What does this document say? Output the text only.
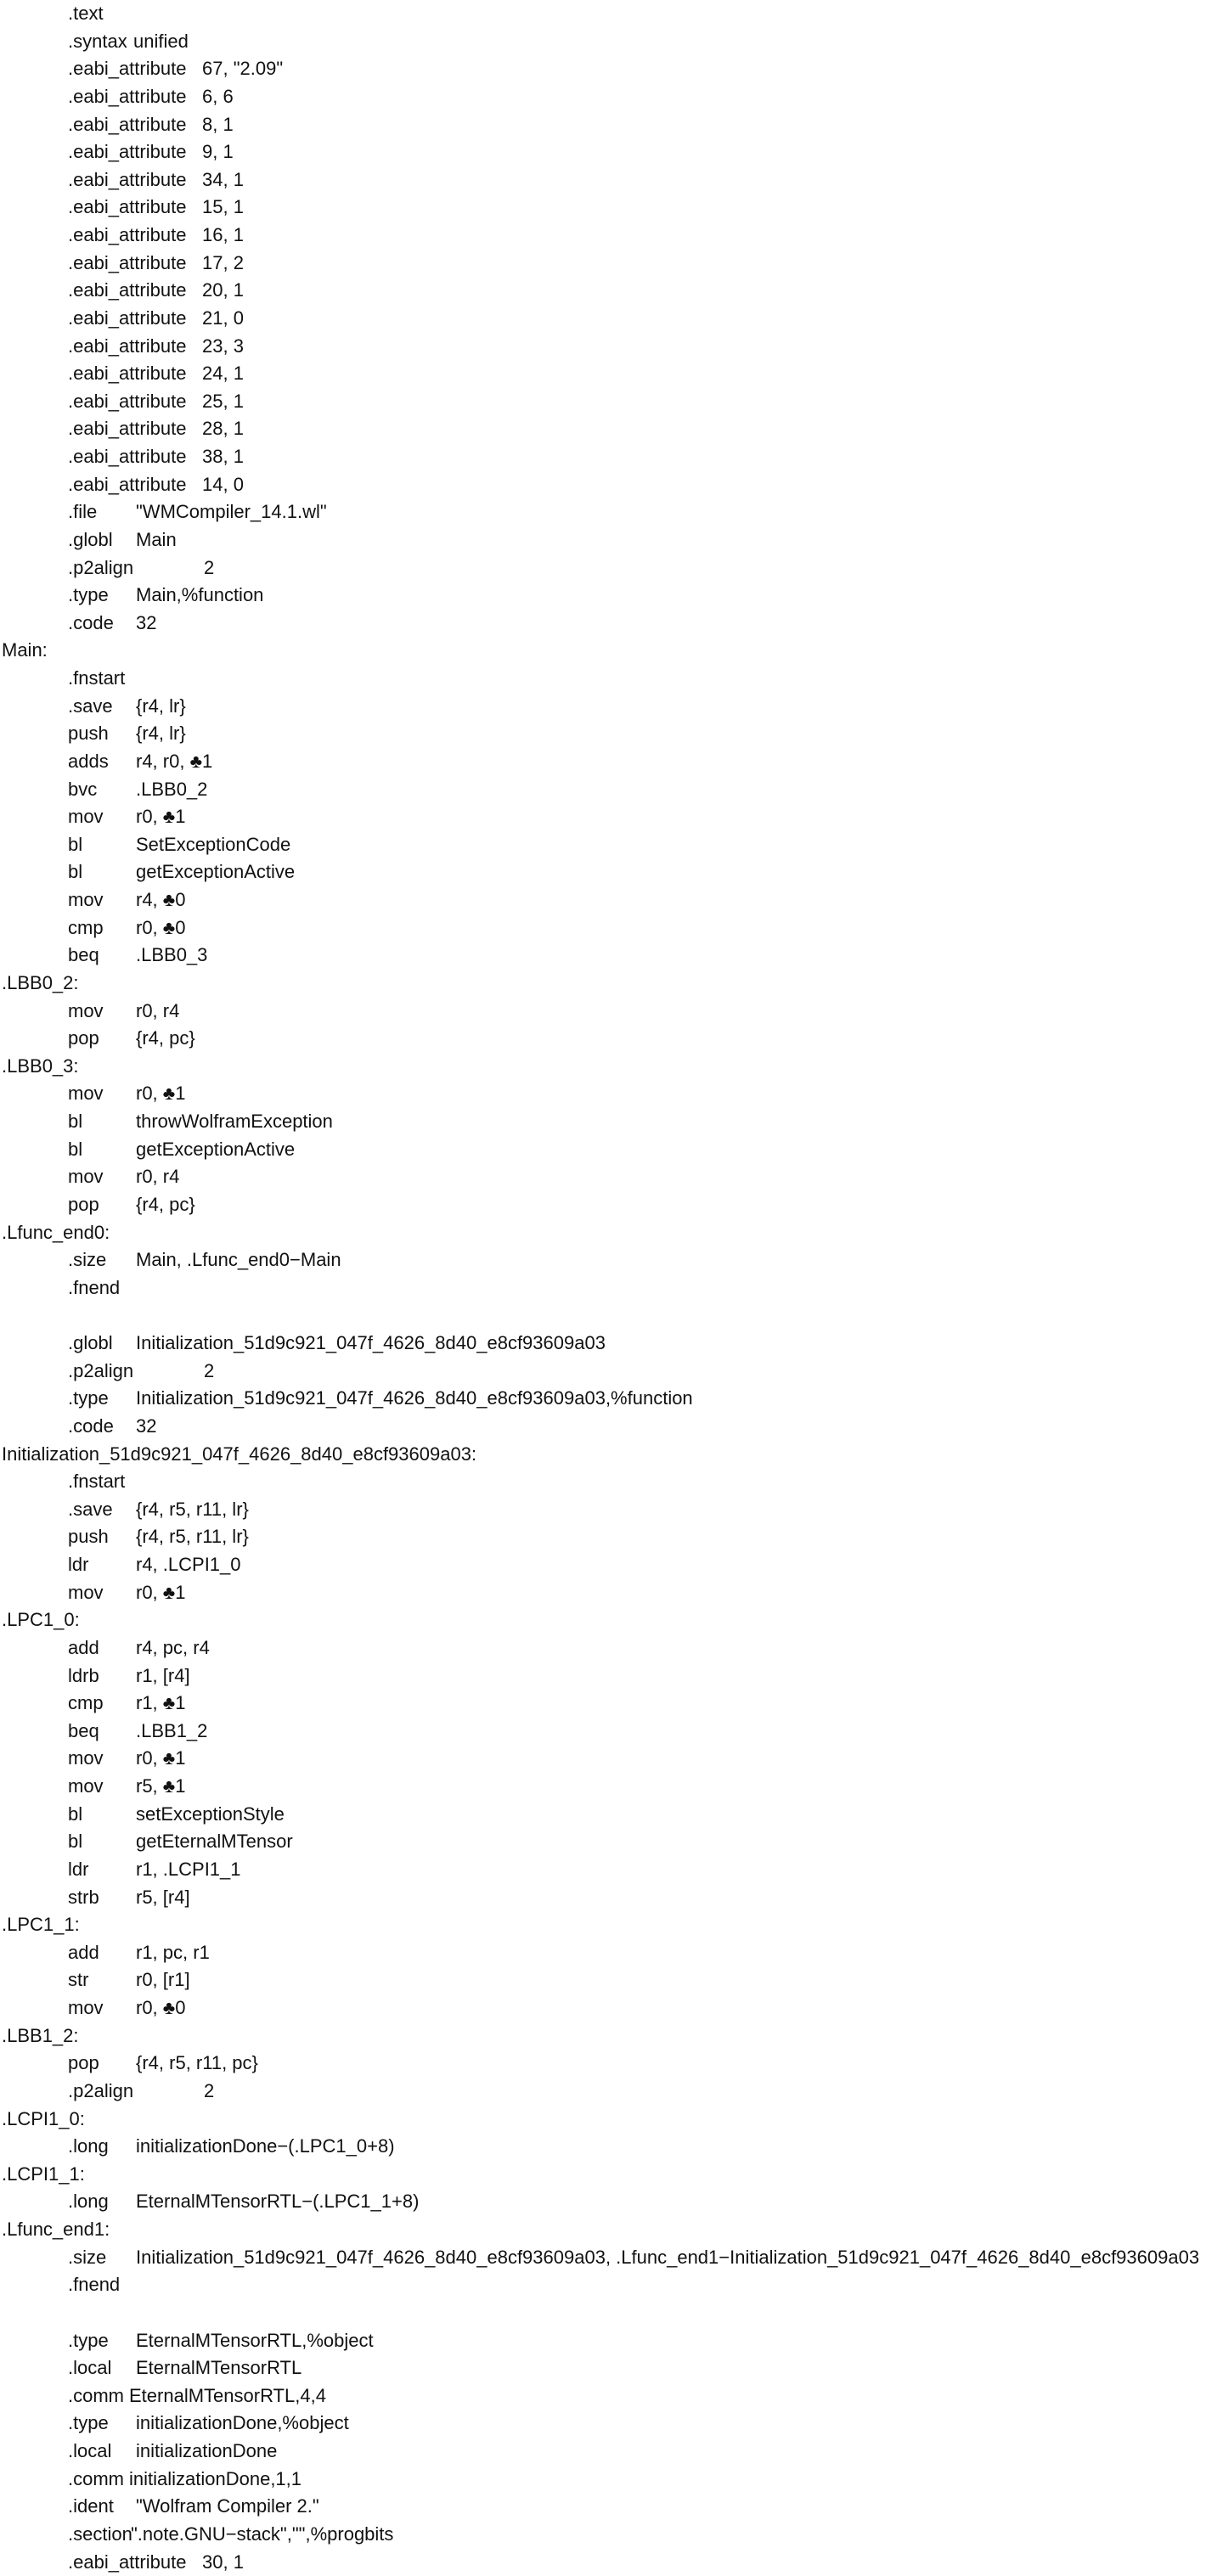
.text
.syntax unified
.eabi_attribute 67, "2.09"
.eabi_attribute 6, 6
.eabi_attribute 8, 1
.eabi_attribute 9, 1
.eabi_attribute 34, 1
.eabi_attribute 15, 1
.eabi_attribute 16, 1
.eabi_attribute 17, 2
.eabi_attribute 20, 1
.eabi_attribute 21, 0
.eabi_attribute 23, 3
.eabi_attribute 24, 1
.eabi_attribute 25, 1
.eabi_attribute 28, 1
.eabi_attribute 38, 1
.eabi_attribute 14, 0
.file "WMCompiler_14.1.wl"
.globl Main
.p2align	2
.type Main,%function
.code 32
Main:
.fnstart
.save {r4, lr}
push {r4, lr}
adds r4, r0, ♣1
bvc .LBB0_2
mov r0, ♣1
bl	SetExceptionCode
bl	getExceptionActive
mov r4, ♣0
cmp r0, ♣0
beq .LBB0_3
.LBB0_2:
mov r0, r4
pop {r4, pc}
.LBB0_3:
mov r0, ♣1
bl	throwWolframException
bl	getExceptionActive
mov r0, r4
pop {r4, pc}
.Lfunc_end0:
.size Main, .Lfunc_end0−Main
.fnend
.globl Initialization_51d9c921_047f_4626_8d40_e8cf93609a03
.p2align	2
.type Initialization_51d9c921_047f_4626_8d40_e8cf93609a03,%function
.code 32
Initialization_51d9c921_047f_4626_8d40_e8cf93609a03:
.fnstart
.save {r4, r5, r11, lr}
push {r4, r5, r11, lr}
ldr	r4, .LCPI1_0
mov r0, ♣1
.LPC1_0:
add r4, pc, r4
ldrb r1, [r4]
cmp r1, ♣1
beq .LBB1_2
mov r0, ♣1
mov r5, ♣1
bl	setExceptionStyle
bl	getEternalMTensor
ldr	r1, .LCPI1_1
strb r5, [r4]
.LPC1_1:
add r1, pc, r1
str	r0, [r1]
mov r0, ♣0
.LBB1_2:
pop {r4, r5, r11, pc}
.p2align	2
.LCPI1_0:
.long initializationDone−(.LPC1_0+8)
.LCPI1_1:
.long EternalMTensorRTL−(.LPC1_1+8)
.Lfunc_end1:
.size Initialization_51d9c921_047f_4626_8d40_e8cf93609a03, .Lfunc_end1−Initialization_51d9c921_047f_4626_8d40_e8cf93609a03
.fnend
.type EternalMTensorRTL,%object
.local EternalMTensorRTL
.comm EternalMTensorRTL,4,4
.type initializationDone,%object
.local initializationDone
.comm initializationDone,1,1
.ident "Wolfram Compiler 2."
.section
".note.GNU−stack","",%progbits
.eabi_attribute 30, 1
